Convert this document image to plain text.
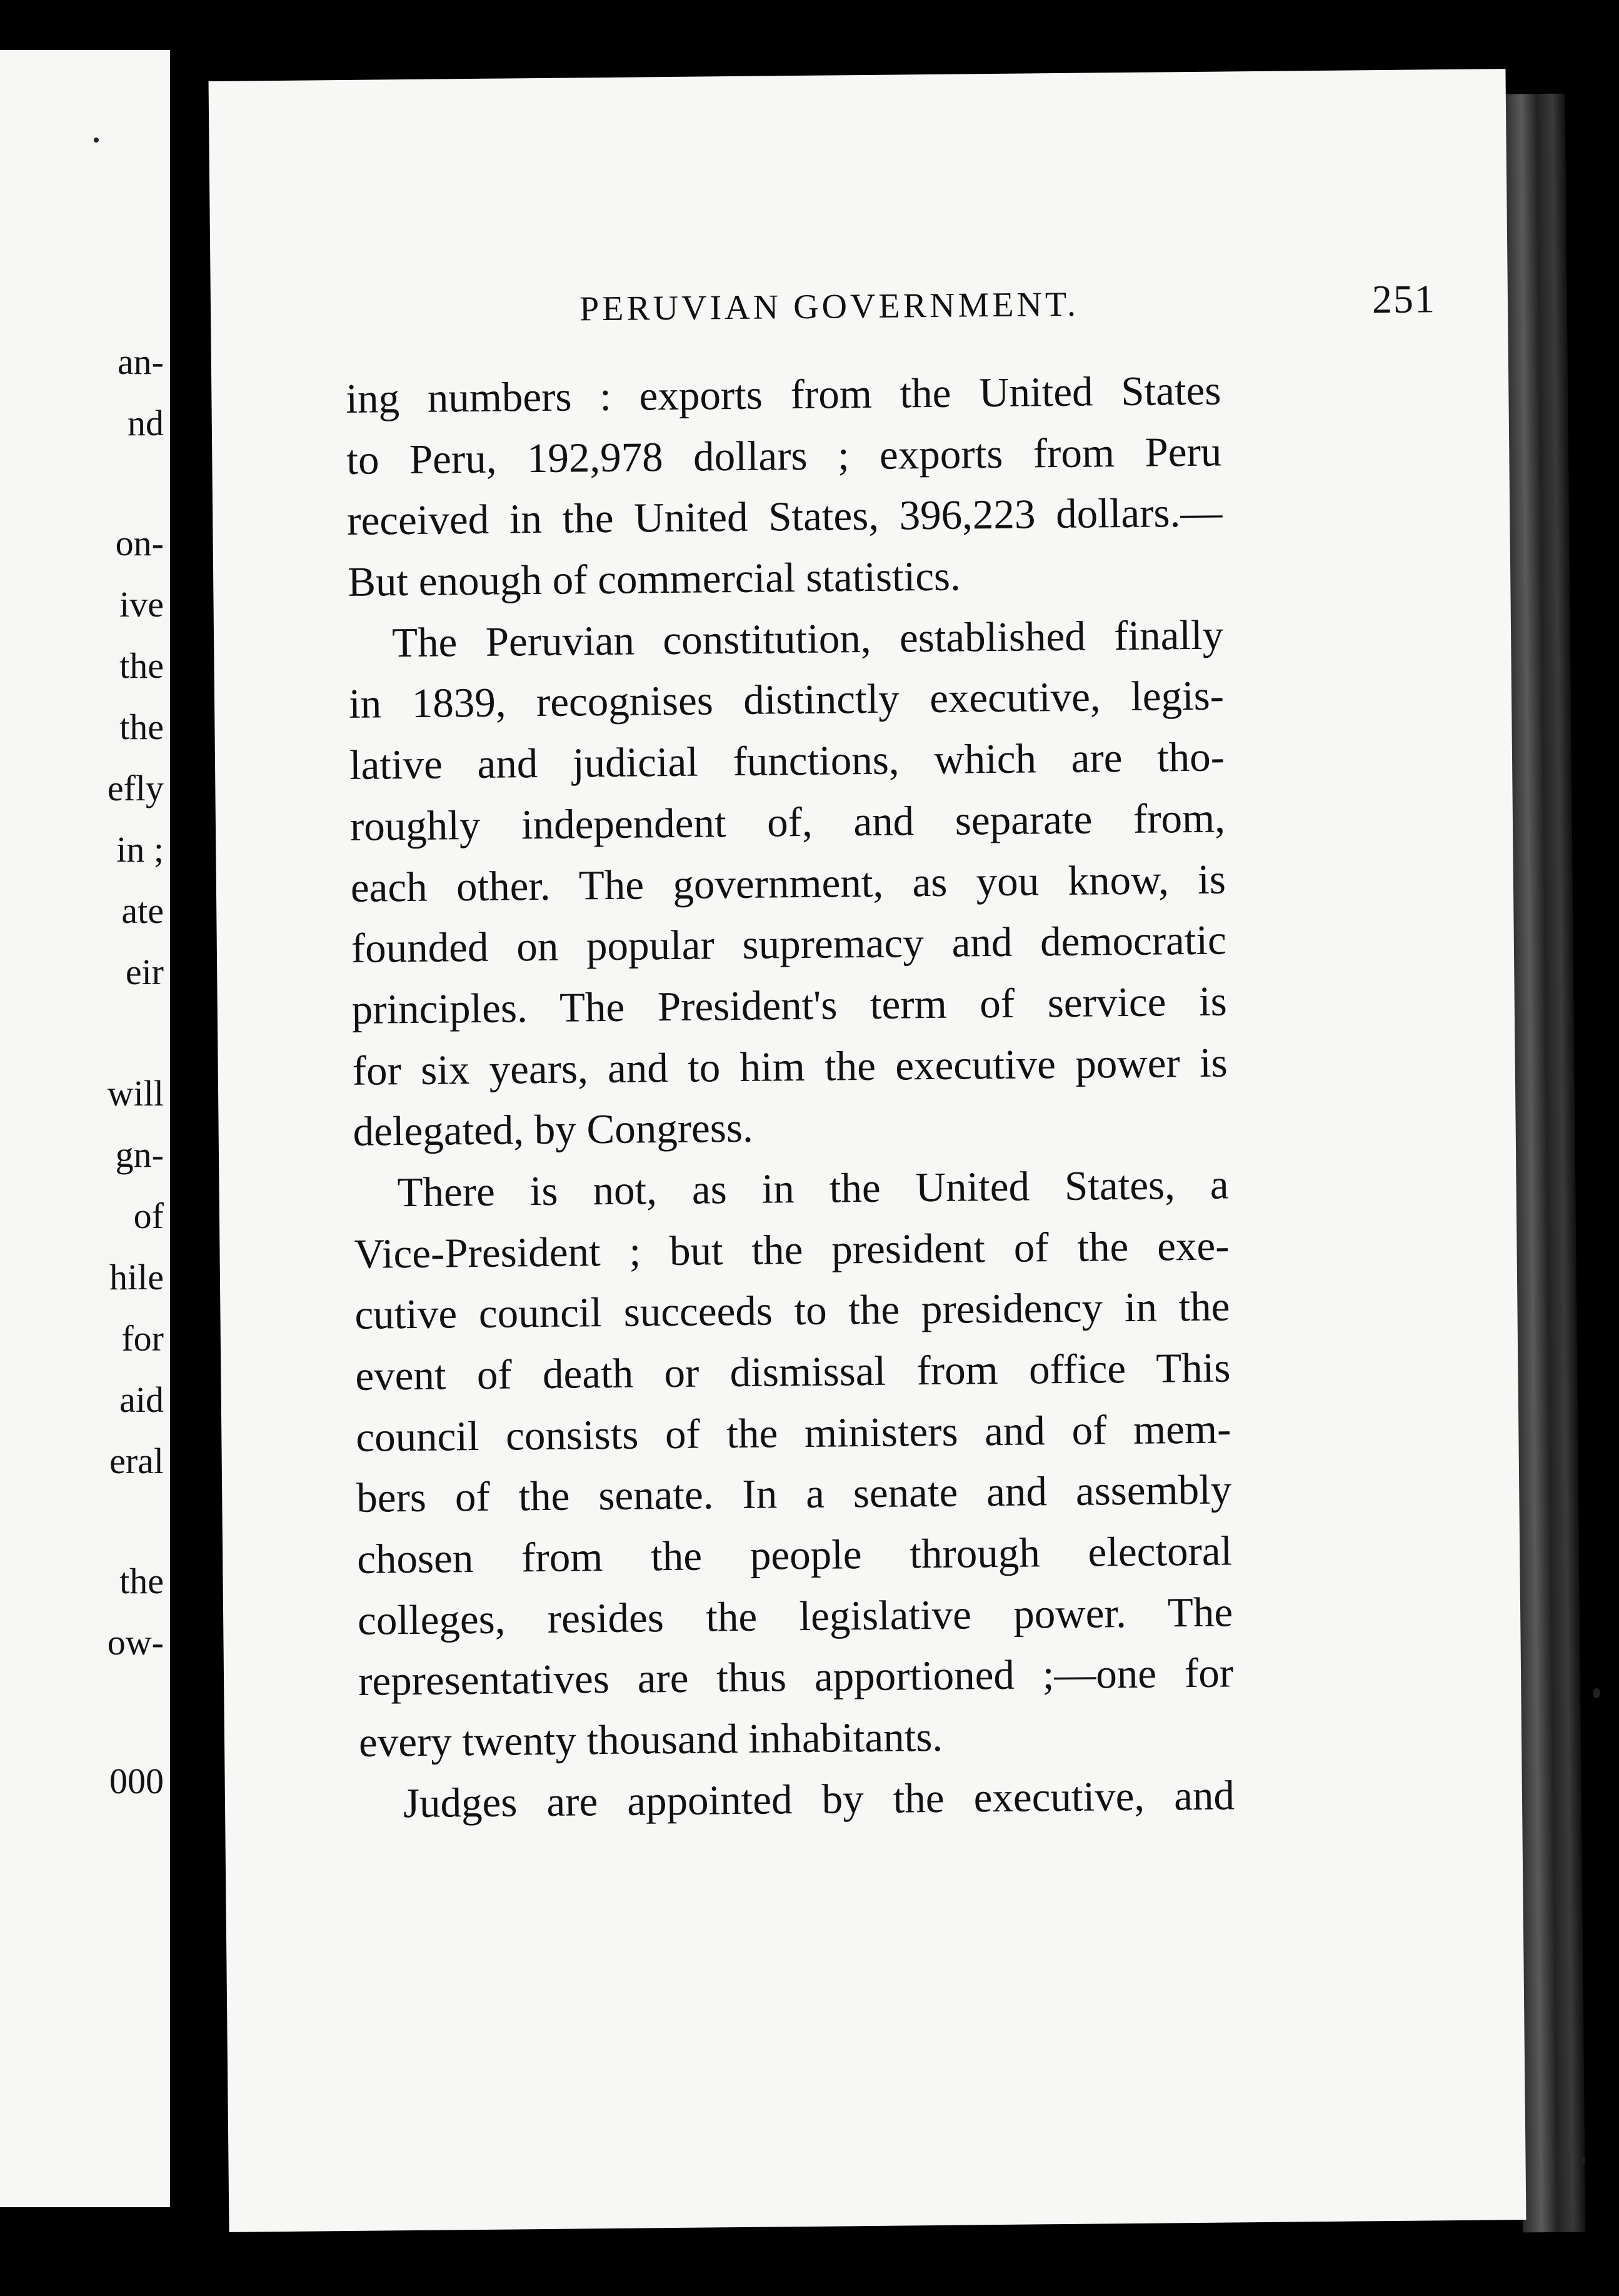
an-
nd
on-
ive
the
the
efly
in ;
ate
eir
will
gn-
of
hile
for
aid
eral
the
ow-
000
PERUVIAN GOVERNMENT.	251
ing numbers : exports from the United States
to Peru, 192,978 dollars ; exports from Peru
received in the United States, 396,223 dollars.—
But enough of commercial statistics.
The Peruvian constitution, established finally
in 1839, recognises distinctly executive, legis-
lative and judicial functions, which are tho-
roughly independent of, and separate from,
each other. The government, as you know, is
founded on popular supremacy and democratic
principles. The President's term of service is
for six years, and to him the executive power is
delegated, by Congress.
There is not, as in the United States, a
Vice-President ; but the president of the exe-
cutive council succeeds to the presidency in the
event of death or dismissal from office This
council consists of the ministers and of mem-
bers of the senate. In a senate and assembly
chosen from the people through electoral
colleges, resides the legislative power. The
representatives are thus apportioned ;—one for
every twenty thousand inhabitants.
Judges are appointed by the executive, and
